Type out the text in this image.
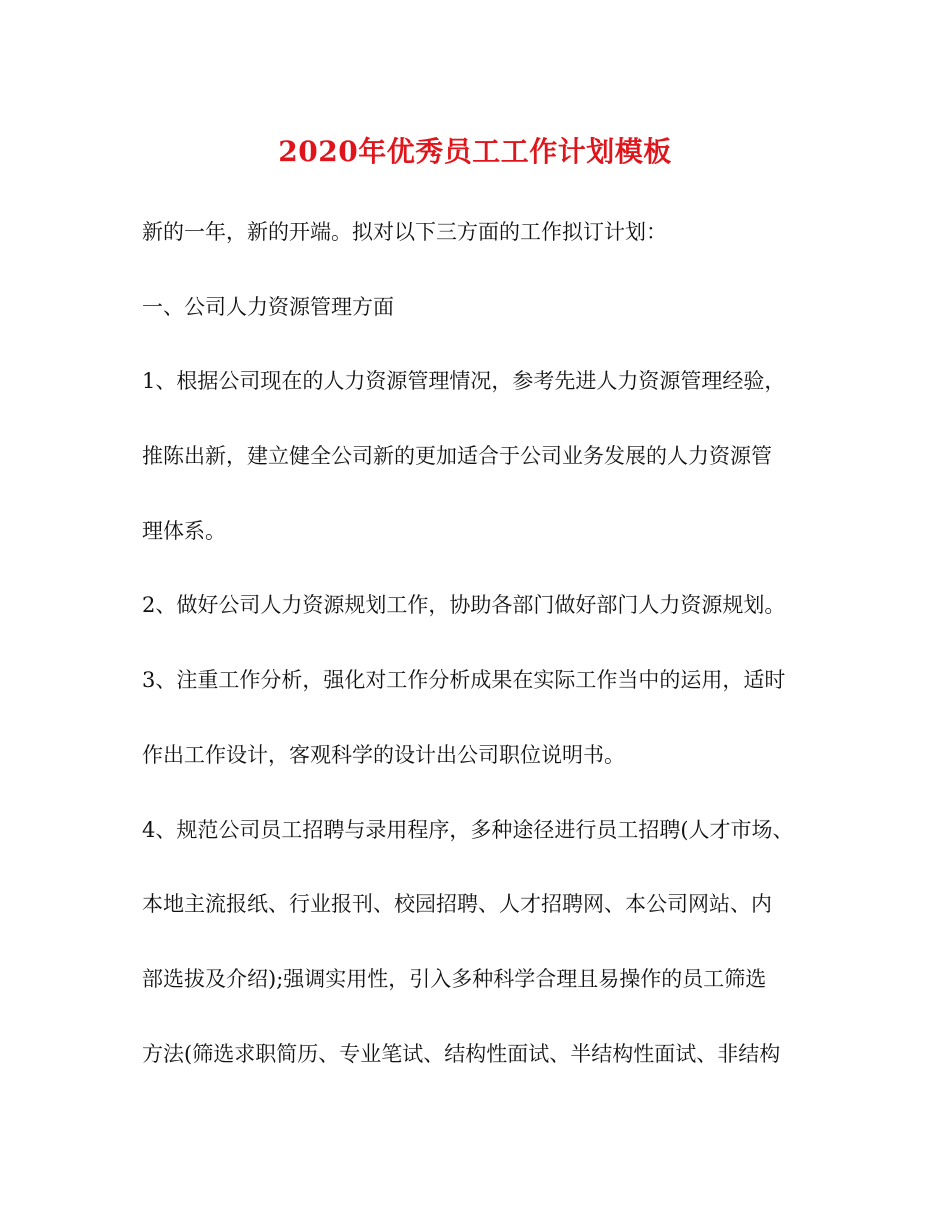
2020年优秀员工工作计划模板
新的一年，新的开端。拟对以下三方面的工作拟订计划：
一、公司人力资源管理方面
1、根据公司现在的人力资源管理情况，参考先进人力资源管理经验，
推陈出新，建立健全公司新的更加适合于公司业务发展的人力资源管
理体系。
2、做好公司人力资源规划工作，协助各部门做好部门人力资源规划。
3、注重工作分析，强化对工作分析成果在实际工作当中的运用，适时
作出工作设计，客观科学的设计出公司职位说明书。
4、规范公司员工招聘与录用程序，多种途径进行员工招聘(人才市场、
本地主流报纸、行业报刊、校园招聘、人才招聘网、本公司网站、内
部选拔及介绍);强调实用性，引入多种科学合理且易操作的员工筛选
方法(筛选求职简历、专业笔试、结构性面试、半结构性面试、非结构
